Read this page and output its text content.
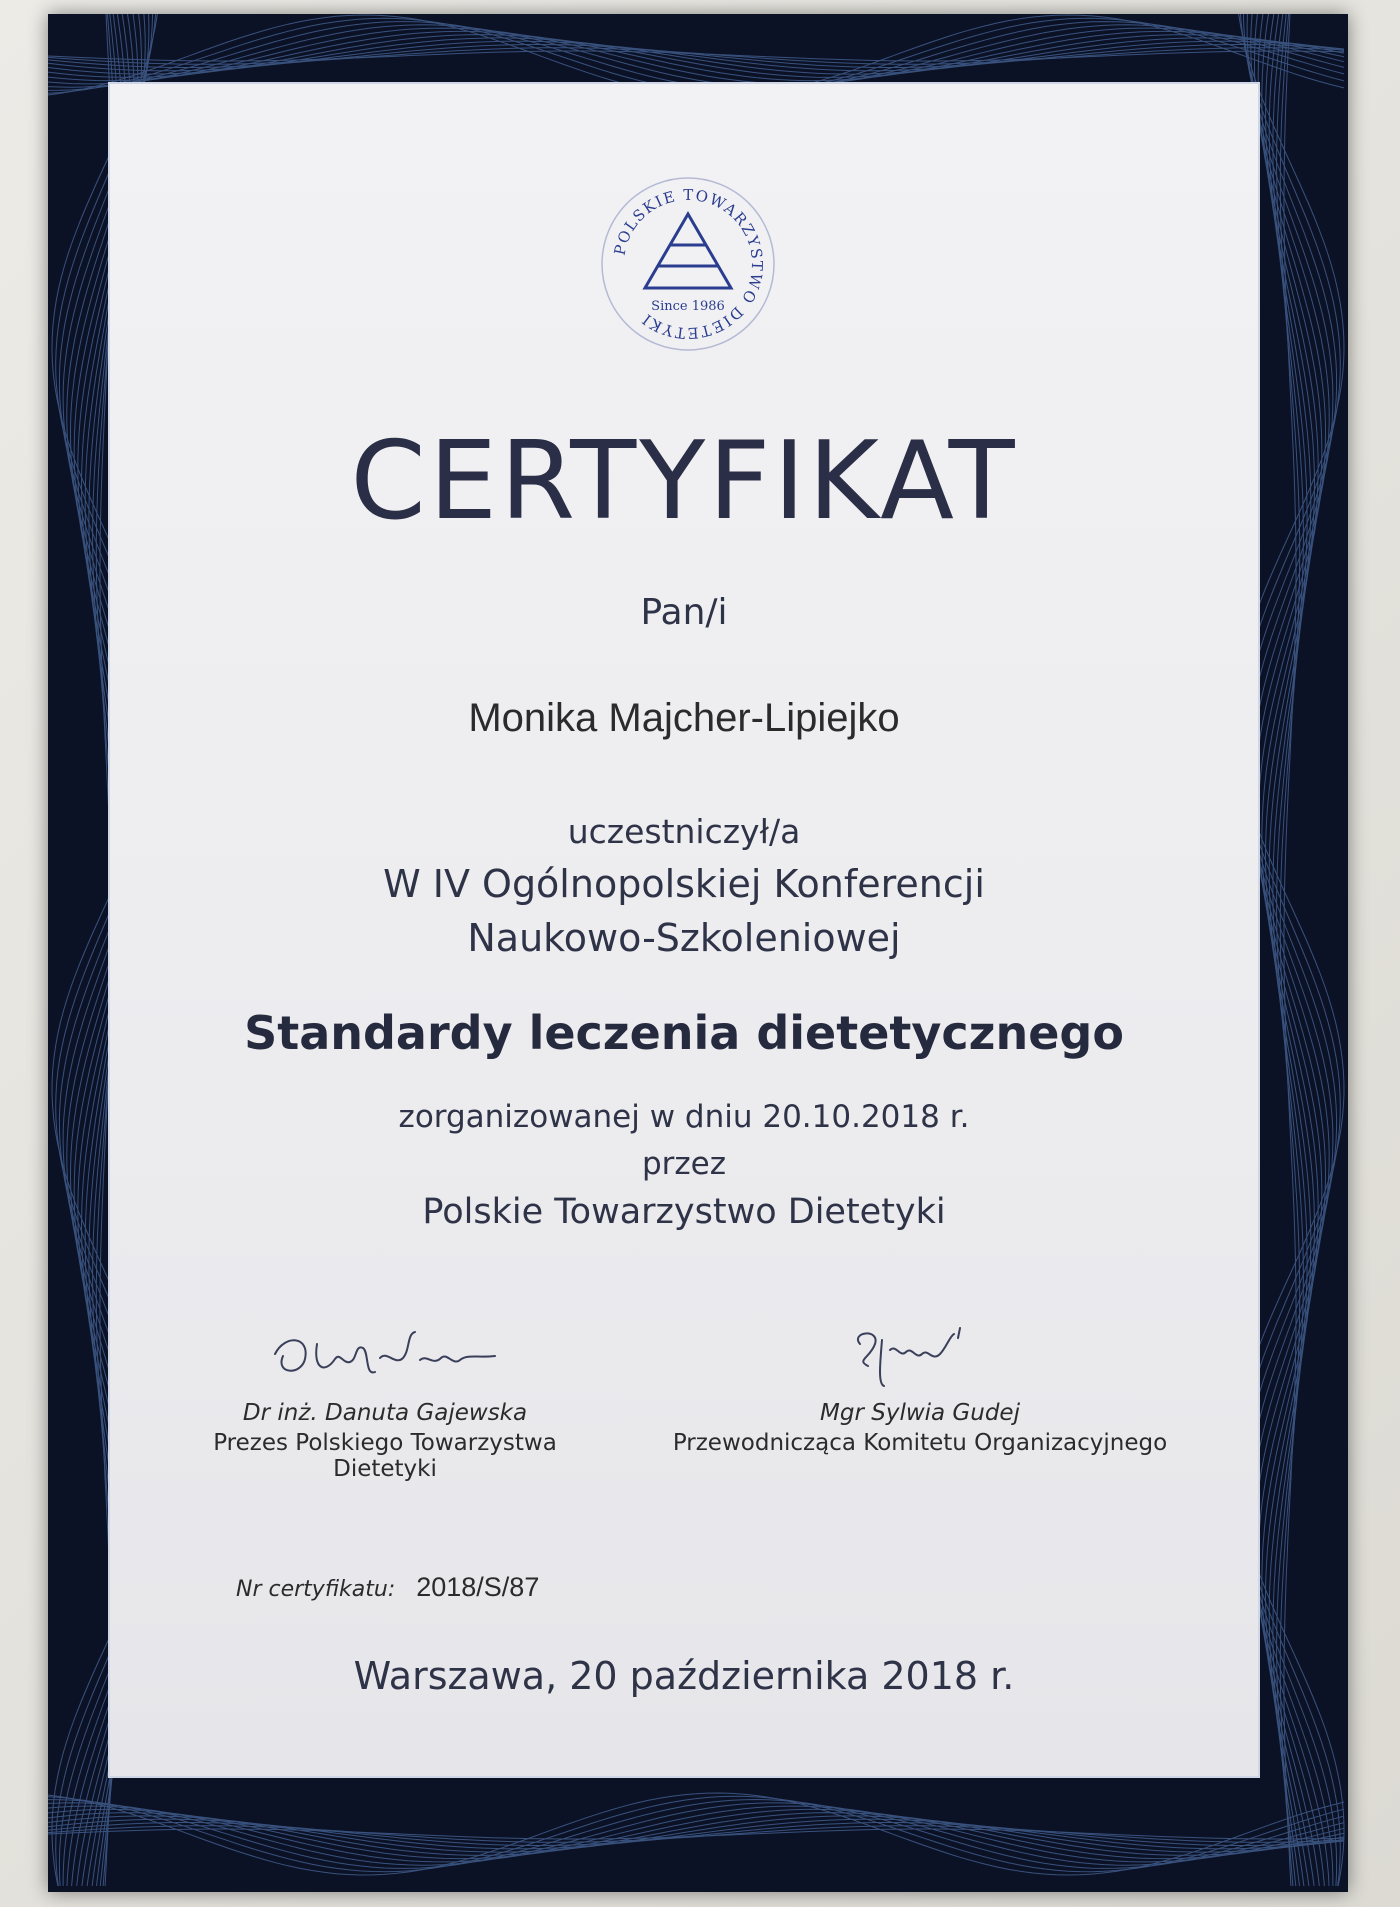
POLSKIE TOWARZYSTWO DIETETYKI
Since 1986
CERTYFIKAT
Pan/i
Monika Majcher-Lipiejko
uczestniczył/a
W IV Ogólnopolskiej Konferencji
Naukowo-Szkoleniowej
Standardy leczenia dietetycznego
zorganizowanej w dniu 20.10.2018 r.
przez
Polskie Towarzystwo Dietetyki
Dr inż. Danuta Gajewska
Prezes Polskiego Towarzystwa Dietetyki
Mgr Sylwia Gudej
Przewodnicząca Komitetu Organizacyjnego
Nr certyfikatu: 2018/S/87
Warszawa, 20 października 2018 r.
